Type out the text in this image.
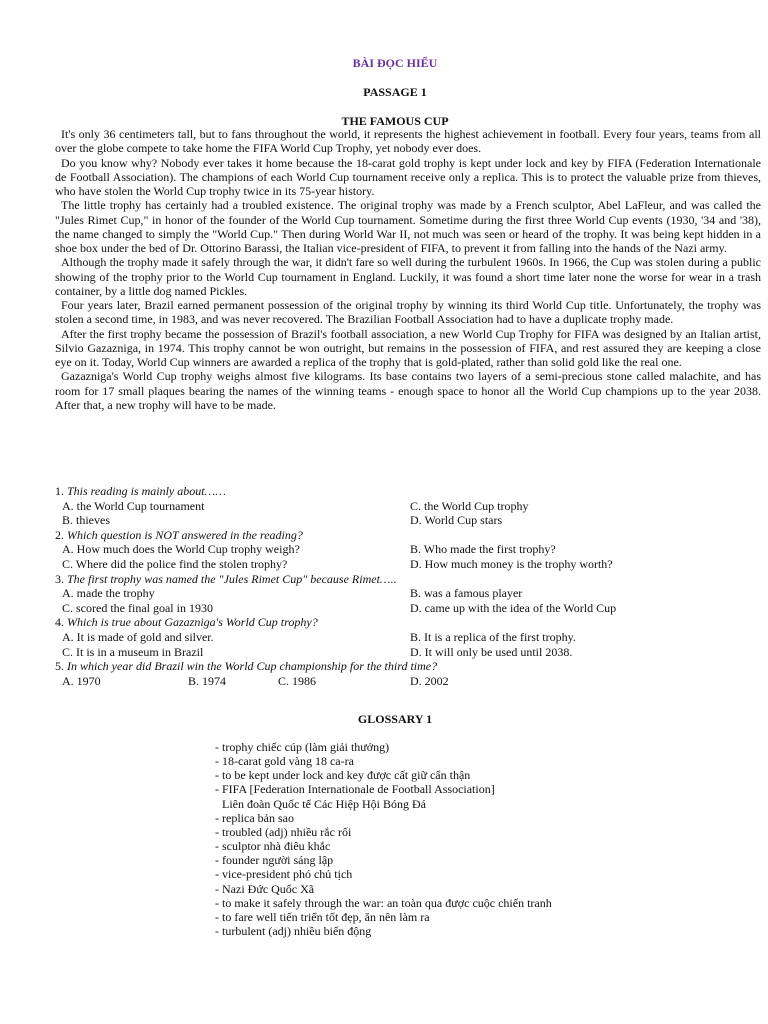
BÀI ĐỌC HIỂU
PASSAGE 1
THE FAMOUS CUP

It's only 36 centimeters tall, but to fans throughout the world, it represents the highest achievement in football. Every four years, teams from all over the globe compete to take home the FIFA World Cup Trophy, yet nobody ever does.

Do you know why? Nobody ever takes it home because the 18-carat gold trophy is kept under lock and key by FIFA (Federation Internationale de Football Association). The champions of each World Cup tournament receive only a replica. This is to protect the valuable prize from thieves, who have stolen the World Cup trophy twice in its 75-year history.

The little trophy has certainly had a troubled existence. The original trophy was made by a French sculptor, Abel LaFleur, and was called the "Jules Rimet Cup," in honor of the founder of the World Cup tournament. Sometime during the first three World Cup events (1930, '34 and '38), the name changed to simply the "World Cup." Then during World War II, not much was seen or heard of the trophy. It was being kept hidden in a shoe box under the bed of Dr. Ottorino Barassi, the Italian vice-president of FIFA, to prevent it from falling into the hands of the Nazi army.

Although the trophy made it safely through the war, it didn't fare so well during the turbulent 1960s. In 1966, the Cup was stolen during a public showing of the trophy prior to the World Cup tournament in England. Luckily, it was found a short time later none the worse for wear in a trash container, by a little dog named Pickles.

Four years later, Brazil earned permanent possession of the original trophy by winning its third World Cup title. Unfortunately, the trophy was stolen a second time, in 1983, and was never recovered. The Brazilian Football Association had to have a duplicate trophy made.

After the first trophy became the possession of Brazil's football association, a new World Cup Trophy for FIFA was designed by an Italian artist, Silvio Gazazniga, in 1974. This trophy cannot be won outright, but remains in the possession of FIFA, and rest assured they are keeping a close eye on it. Today, World Cup winners are awarded a replica of the trophy that is gold-plated, rather than solid gold like the real one.

Gazaznigа's World Cup trophy weighs almost five kilograms. Its base contains two layers of a semi-precious stone called malachite, and has room for 17 small plaques bearing the names of the winning teams - enough space to honor all the World Cup champions up to the year 2038. After that, a new trophy will have to be made.

1. This reading is mainly about……

A. the World Cup tournament	C. the World Cup trophy
B. thieves	D. World Cup stars

2. Which question is NOT answered in the reading?

A. How much does the World Cup trophy weigh?	B. Who made the first trophy?
C. Where did the police find the stolen trophy?	D. How much money is the trophy worth?

3. The first trophy was named the "Jules Rimet Cup" because Rimet…..

A. made the trophy	B. was a famous player
C. scored the final goal in 1930	D. came up with the idea of the World Cup

4. Which is true about Gazazniga's World Cup trophy?

A. It is made of gold and silver.	B. It is a replica of the first trophy.
C. It is in a museum in Brazil	D. It will only be used until 2038.

5. In which year did Brazil win the World Cup championship for the third time?

A. 1970	B. 1974	C. 1986	D. 2002
GLOSSARY 1
- trophy chiếc cúp (làm giải thưởng)
- 18-carat gold vàng 18 ca-ra
- to be kept under lock and key được cất giữ cẩn thận
- FIFA [Federation Internationale de Football Association]
Liên đoàn Quốc tế Các Hiệp Hội Bóng Đá
- replica bản sao
- troubled (adj) nhiều rắc rối
- sculptor nhà điêu khắc
- founder người sáng lập
- vice-president phó chủ tịch
- Nazi Đức Quốc Xã
- to make it safely through the war: an toàn qua được cuộc chiến tranh
- to fare well tiến triển tốt đẹp, ăn nên làm ra
- turbulent (adj) nhiều biến động
